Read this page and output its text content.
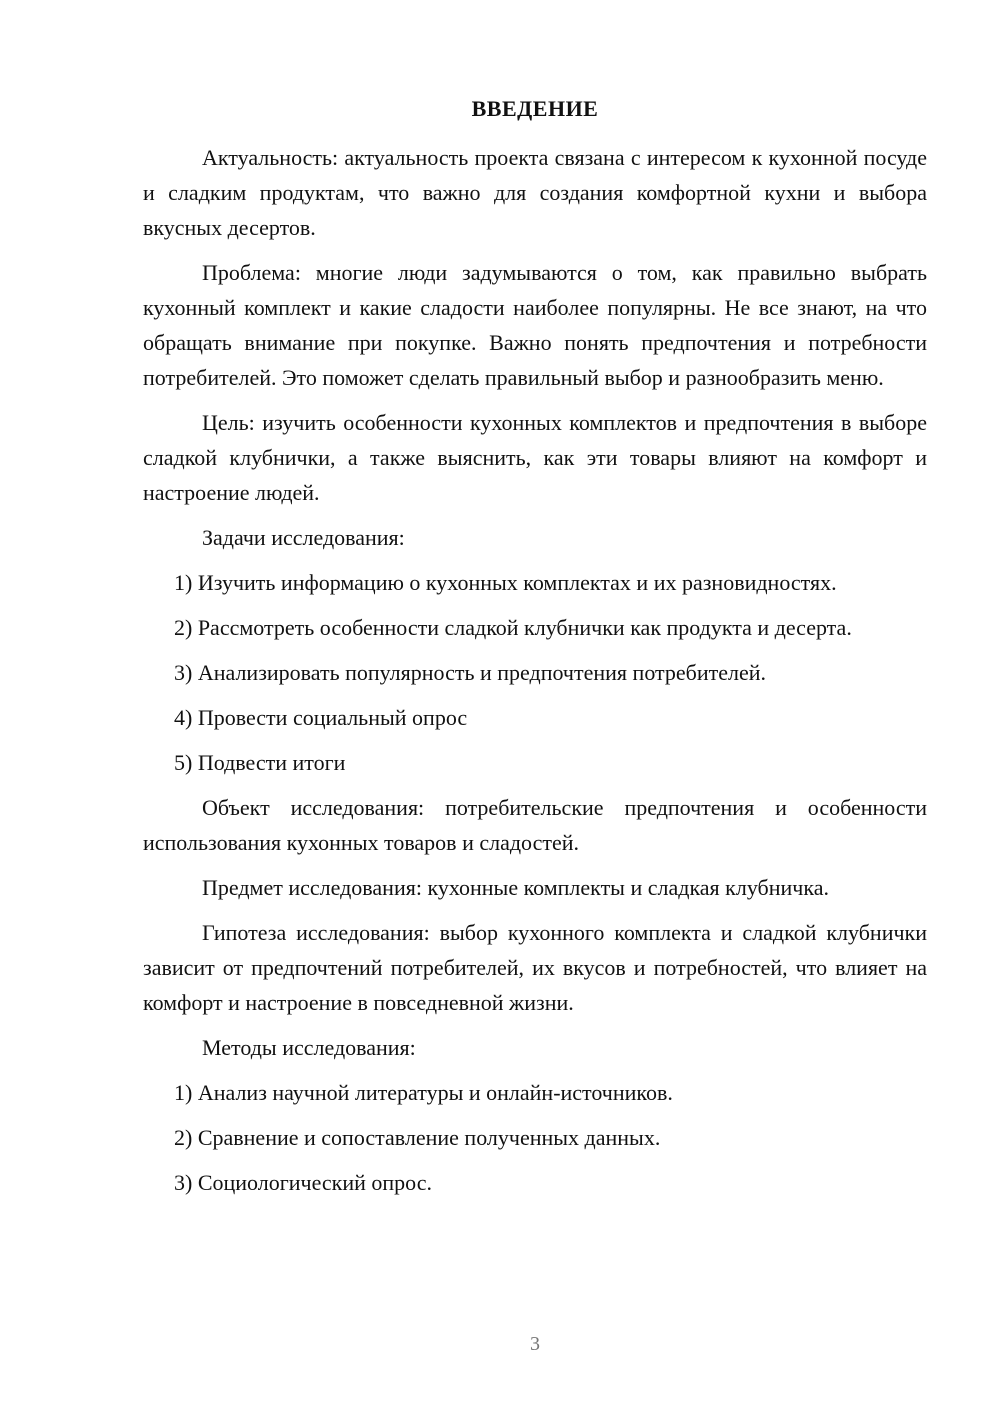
ВВЕДЕНИЕ

Актуальность: актуальность проекта связана с интересом к кухонной посуде и сладким продуктам, что важно для создания комфортной кухни и выбора вкусных десертов.

Проблема: многие люди задумываются о том, как правильно выбрать кухонный комплект и какие сладости наиболее популярны. Не все знают, на что обращать внимание при покупке. Важно понять предпочтения и потребности потребителей. Это поможет сделать правильный выбор и разнообразить меню.

Цель: изучить особенности кухонных комплектов и предпочтения в выборе сладкой клубнички, а также выяснить, как эти товары влияют на комфорт и настроение людей.

Задачи исследования:

1) Изучить информацию о кухонных комплектах и их разновидностях.

2) Рассмотреть особенности сладкой клубнички как продукта и десерта.

3) Анализировать популярность и предпочтения потребителей.

4) Провести социальный опрос

5) Подвести итоги

Объект исследования: потребительские предпочтения и особенности использования кухонных товаров и сладостей.

Предмет исследования: кухонные комплекты и сладкая клубничка.

Гипотеза исследования: выбор кухонного комплекта и сладкой клубнички зависит от предпочтений потребителей, их вкусов и потребностей, что влияет на комфорт и настроение в повседневной жизни.

Методы исследования:

1) Анализ научной литературы и онлайн-источников.

2) Сравнение и сопоставление полученных данных.

3) Социологический опрос.

3
